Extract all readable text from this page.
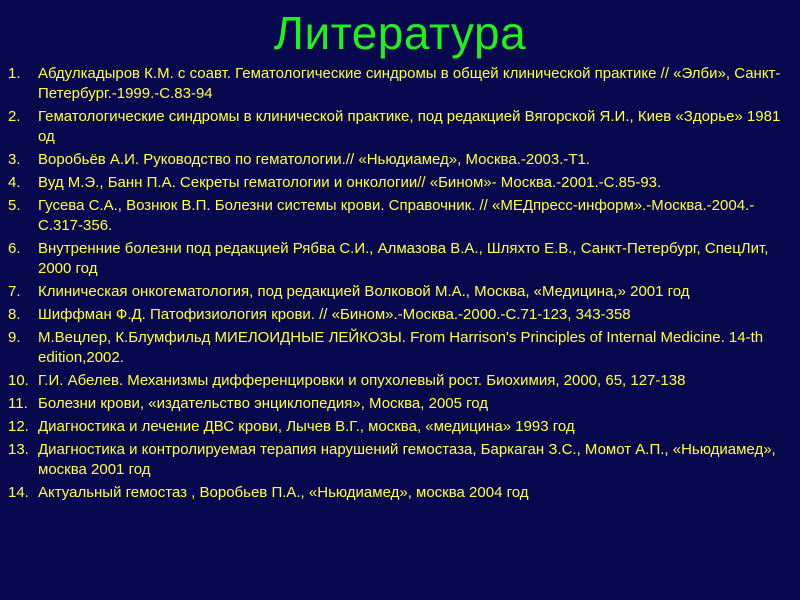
Литература
1.	Абдулкадыров К.М. с соавт. Гематологические синдромы в общей клинической практике // «Элби», Санкт-Петербург.-1999.-С.83-94
2.	Гематологические синдромы в клинической практике, под редакцией Вягорской Я.И., Киев «Здорье» 1981 од
3.	Воробьёв А.И. Руководство по гематологии.// «Ньюдиамед», Москва.-2003.-Т1.
4.	Вуд М.Э., Банн П.А. Секреты гематологии и онкологии// «Бином»- Москва.-2001.-С.85-93.
5.	Гусева С.А., Вознюк В.П. Болезни системы крови. Справочник. // «МЕДпресс-информ».-Москва.-2004.-С.317-356.
6.	Внутренние болезни под редакцией Рябва С.И., Алмазова В.А., Шляхто Е.В., Санкт-Петербург, СпецЛит, 2000 год
7.	Клиническая онкогематология, под редакцией Волковой М.А., Москва, «Медицина,» 2001 год
8.	Шиффман Ф.Д. Патофизиология крови. // «Бином».-Москва.-2000.-С.71-123, 343-358
9.	М.Вецлер, К.Блумфильд МИЕЛОИДНЫЕ ЛЕЙКОЗЫ. From Harrison's Principles of Internal Medicine. 14-th edition,2002.
10. Г.И. Абелев. Механизмы дифференцировки и опухолевый рост. Биохимия, 2000, 65, 127-138
11. Болезни крови, «издательство энциклопедия», Москва, 2005 год
12. Диагностика и лечение ДВС крови, Лычев В.Г., москва, «медицина» 1993 год
13. Диагностика и контролируемая терапия нарушений гемостаза, Баркаган З.С., Момот А.П., «Ньюдиамед», москва 2001 год
14. Актуальный гемостаз , Воробьев П.А., «Ньюдиамед», москва 2004 год
